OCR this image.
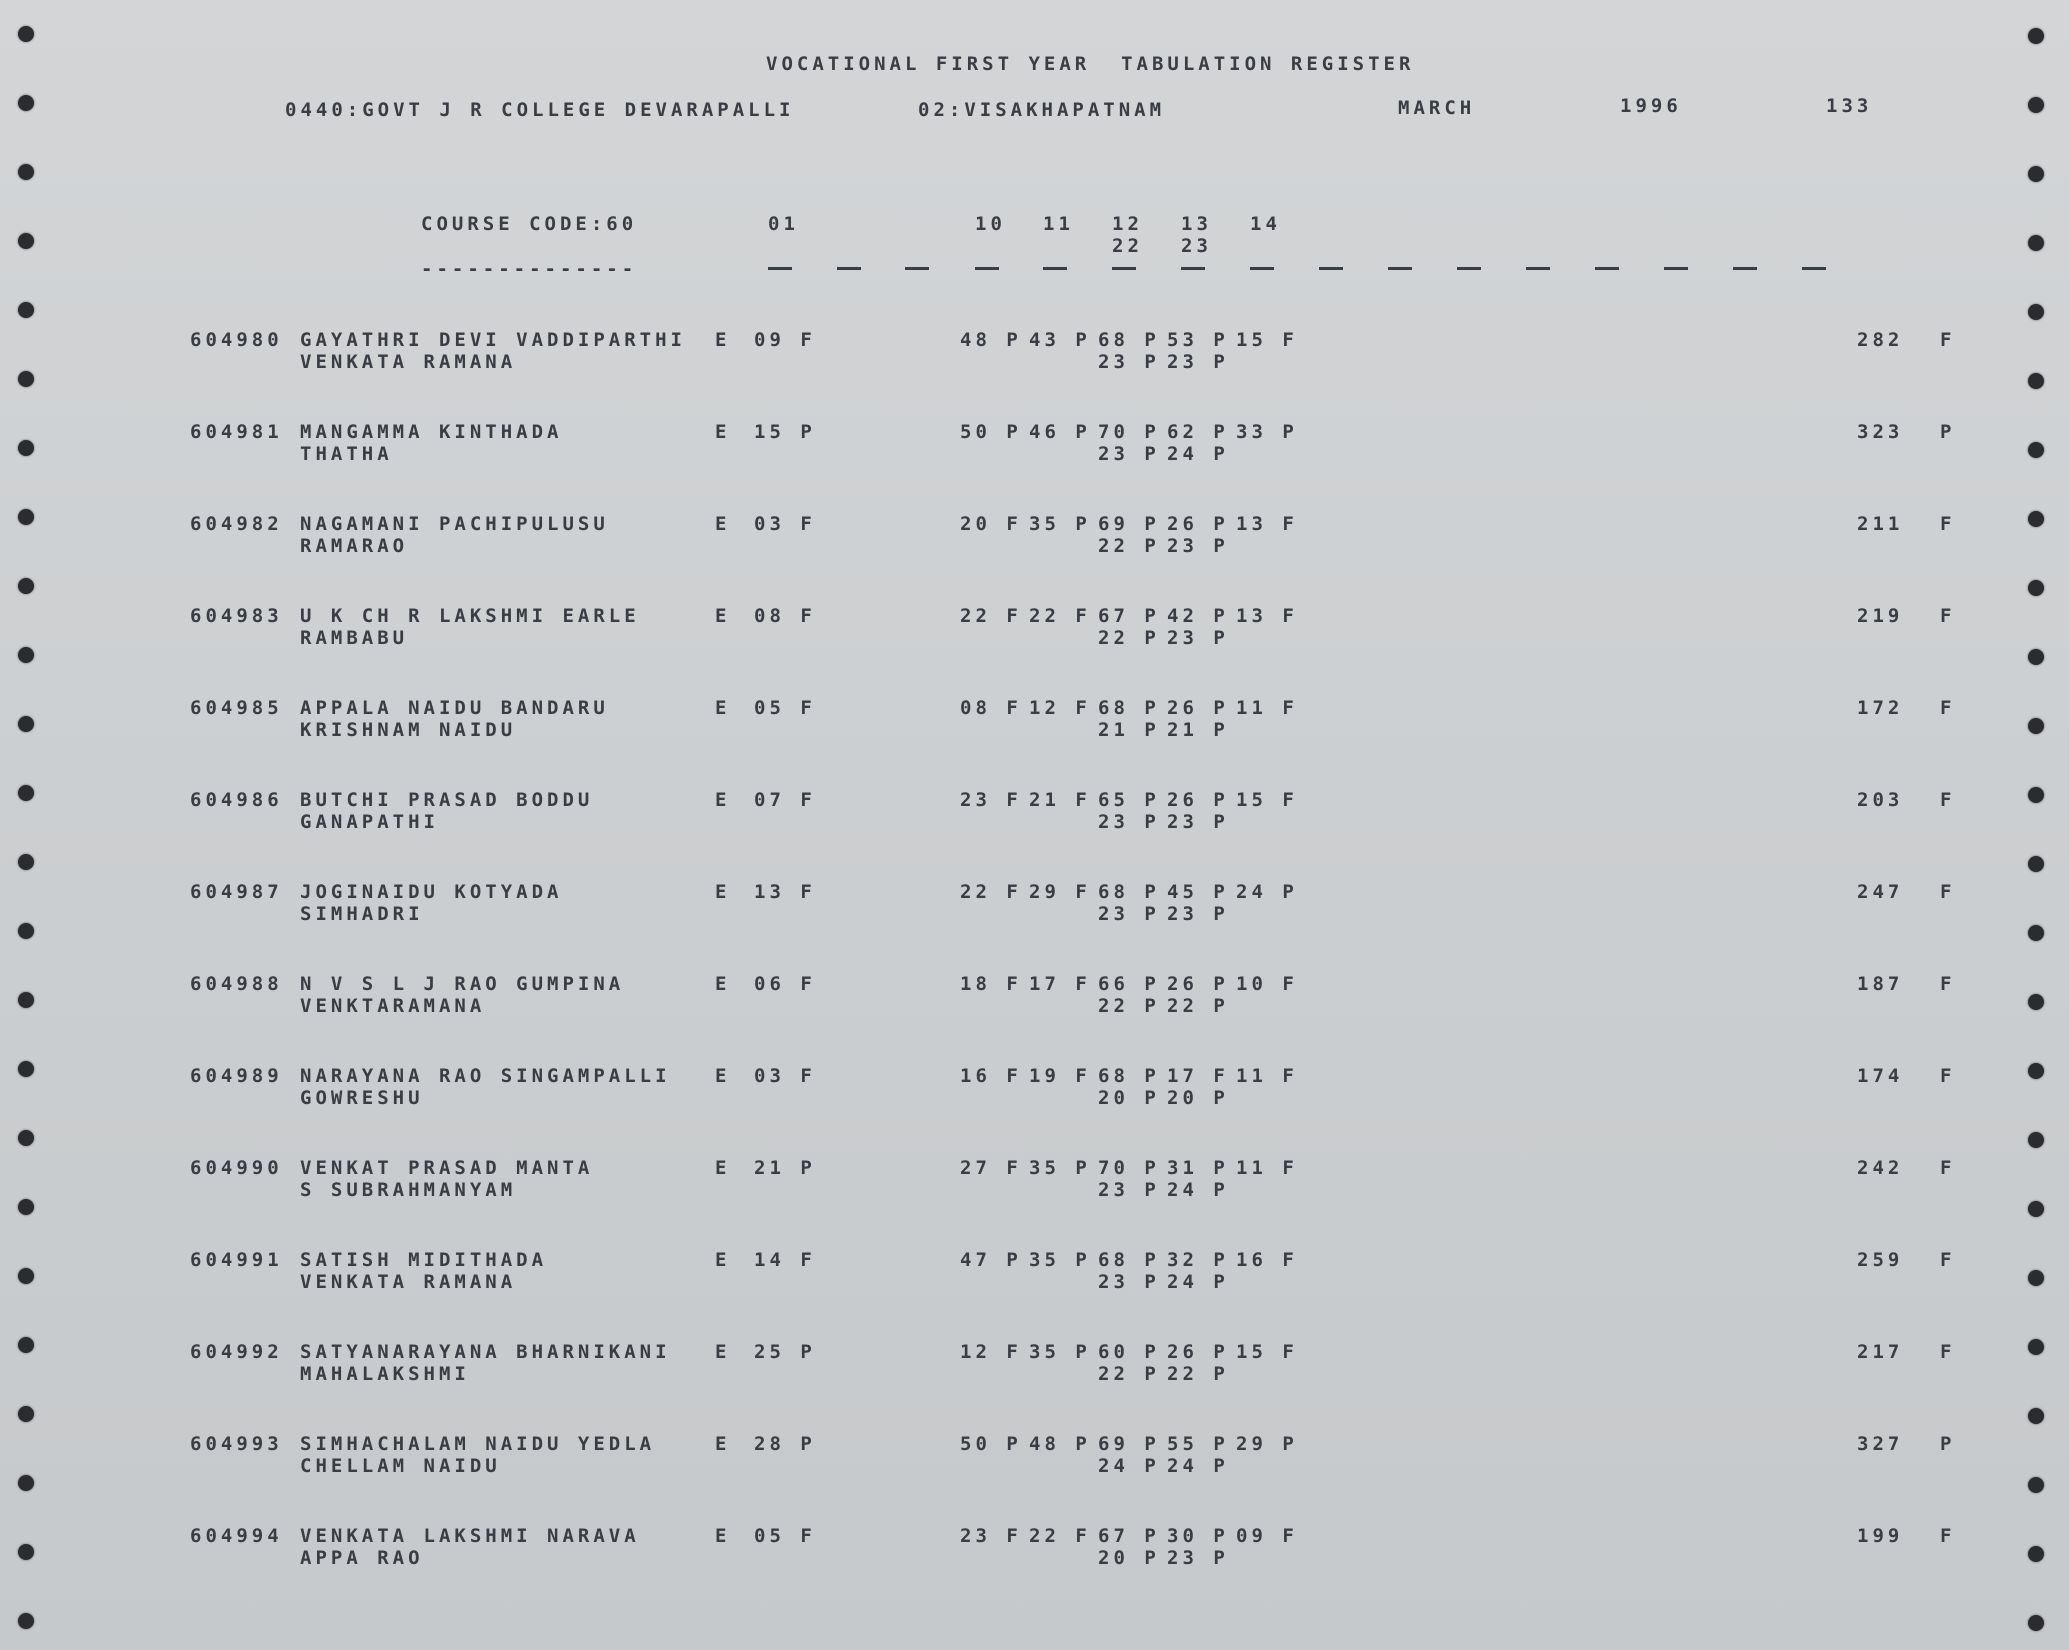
VOCATIONAL FIRST YEAR  TABULATION REGISTER
0440:GOVT J R COLLEGE DEVARAPALLI	02:VISAKHAPATNAM	MARCH	1996	133
COURSE CODE:60	01	10 11 12 13 14
22 23
--------------
604980 GAYATHRI DEVI VADDIPARTHI E 09 F	48 P 43 P 68 P 53 P 15 F	282 F
VENKATA RAMANA	23 P 23 P
604981 MANGAMMA KINTHADA	E 15 P	50 P 46 P 70 P 62 P 33 P	323 P
THATHA	23 P 24 P
604982 NAGAMANI PACHIPULUSU	E 03 F	20 F 35 P 69 P 26 P 13 F	211 F
RAMARAO	22 P 23 P
604983 U K CH R LAKSHMI EARLE	E 08 F	22 F 22 F 67 P 42 P 13 F	219 F
RAMBABU	22 P 23 P
604985 APPALA NAIDU BANDARU	E 05 F	08 F 12 F 68 P 26 P 11 F	172 F
KRISHNAM NAIDU	21 P 21 P
604986 BUTCHI PRASAD BODDU	E 07 F	23 F 21 F 65 P 26 P 15 F	203 F
GANAPATHI	23 P 23 P
604987 JOGINAIDU KOTYADA	E 13 F	22 F 29 F 68 P 45 P 24 P	247 F
SIMHADRI	23 P 23 P
604988 N V S L J RAO GUMPINA	E 06 F	18 F 17 F 66 P 26 P 10 F	187 F
VENKTARAMANA	22 P 22 P
604989 NARAYANA RAO SINGAMPALLI E 03 F	16 F 19 F 68 P 17 F 11 F	174 F
GOWRESHU	20 P 20 P
604990 VENKAT PRASAD MANTA	E 21 P	27 F 35 P 70 P 31 P 11 F	242 F
S SUBRAHMANYAM	23 P 24 P
604991 SATISH MIDITHADA	E 14 F	47 P 35 P 68 P 32 P 16 F	259 F
VENKATA RAMANA	23 P 24 P
604992 SATYANARAYANA BHARNIKANI E 25 P	12 F 35 P 60 P 26 P 15 F	217 F
MAHALAKSHMI	22 P 22 P
604993 SIMHACHALAM NAIDU YEDLA	E 28 P	50 P 48 P 69 P 55 P 29 P	327 P
CHELLAM NAIDU	24 P 24 P
604994 VENKATA LAKSHMI NARAVA	E 05 F	23 F 22 F 67 P 30 P 09 F	199 F
APPA RAO	20 P 23 P
